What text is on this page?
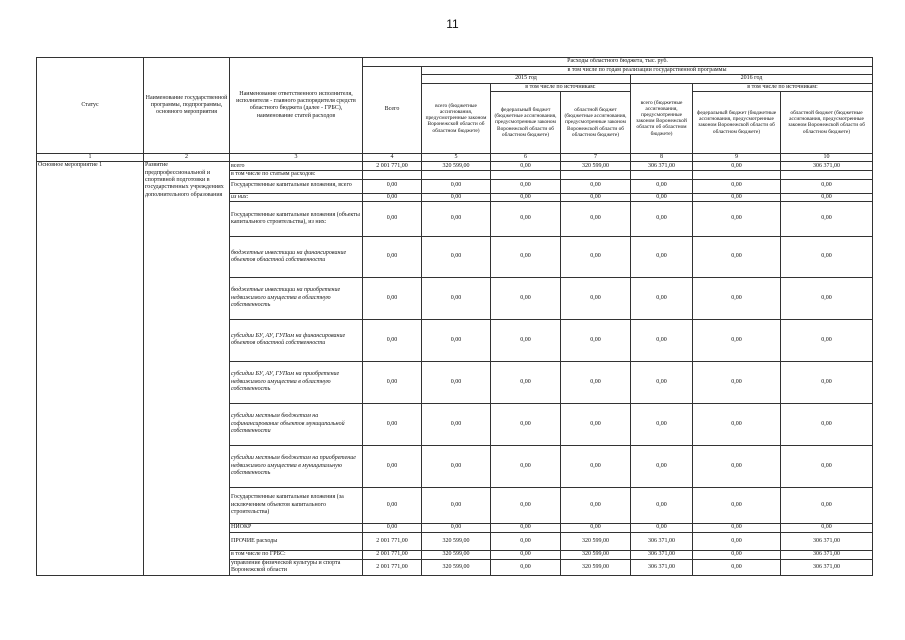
11
Статус	Наименование государственной программы, подпрограммы, основного мероприятия	Наименование ответственного исполнителя, исполнителя - главного распорядителя средств областного бюджета (далее - ГРБС), наименование статей расходов	Расходы областного бюджета, тыс. руб.						
			Всего	в том числе по годам реализации государственной программы					
				2015 год			2016 год		
				всего (бюджетные ассигнования, предусмотренные законом Воронежской области об областном бюджете)	в том числе по источникам:		всего (бюджетные ассигнования, предусмотренные законом Воронежской области об областном бюджете)	в том числе по источникам:	
					федеральный бюджет (бюджетные ассигнования, предусмотренные законом Воронежской области об областном бюджете)	областной бюджет (бюджетные ассигнования, предусмотренные законом Воронежской области об областном бюджете)		федеральный бюджет (бюджетные ассигнования, предусмотренные законом Воронежской области об областном бюджете)	областной бюджет (бюджетные ассигнования, предусмотренные законом Воронежской области об областном бюджете)
1	2	3	4	5	6	7	8	9	10
Основное мероприятие 1	Развитие предпрофессиональной и спортивной подготовки в государственных учреждениях дополнительного образования	всего	2 001 771,00	320 599,00	0,00	320 599,00	306 371,00	0,00	306 371,00
		в том числе по статьям расходов:							
		Государственные капитальные вложения, всего	0,00	0,00	0,00	0,00	0,00	0,00	0,00
		из них:	0,00	0,00	0,00	0,00	0,00	0,00	0,00
		Государственные капитальные вложения (объекты капитального строительства), из них:	0,00	0,00	0,00	0,00	0,00	0,00	0,00
		бюджетные инвестиции на финансирование объектов областной собственности	0,00	0,00	0,00	0,00	0,00	0,00	0,00
		бюджетные инвестиции на приобретение недвижимого имущества в областную собственность	0,00	0,00	0,00	0,00	0,00	0,00	0,00
		субсидии БУ, АУ, ГУПам на финансирование объектов областной собственности	0,00	0,00	0,00	0,00	0,00	0,00	0,00
		субсидии БУ, АУ, ГУПам на приобретение недвижимого имущества в областную собственность	0,00	0,00	0,00	0,00	0,00	0,00	0,00
		субсидии местным бюджетам на софинансирование объектов муниципальной собственности	0,00	0,00	0,00	0,00	0,00	0,00	0,00
		субсидии местным бюджетам на приобретение недвижимого имущества в муниципальную собственность	0,00	0,00	0,00	0,00	0,00	0,00	0,00
		Государственные капитальные вложения (за исключением объектов капитального строительства)	0,00	0,00	0,00	0,00	0,00	0,00	0,00
		НИОКР	0,00	0,00	0,00	0,00	0,00	0,00	0,00
		ПРОЧИЕ расходы	2 001 771,00	320 599,00	0,00	320 599,00	306 371,00	0,00	306 371,00
		в том числе по ГРБС:	2 001 771,00	320 599,00	0,00	320 599,00	306 371,00	0,00	306 371,00
		управление физической культуры и спорта Воронежской области	2 001 771,00	320 599,00	0,00	320 599,00	306 371,00	0,00	306 371,00
